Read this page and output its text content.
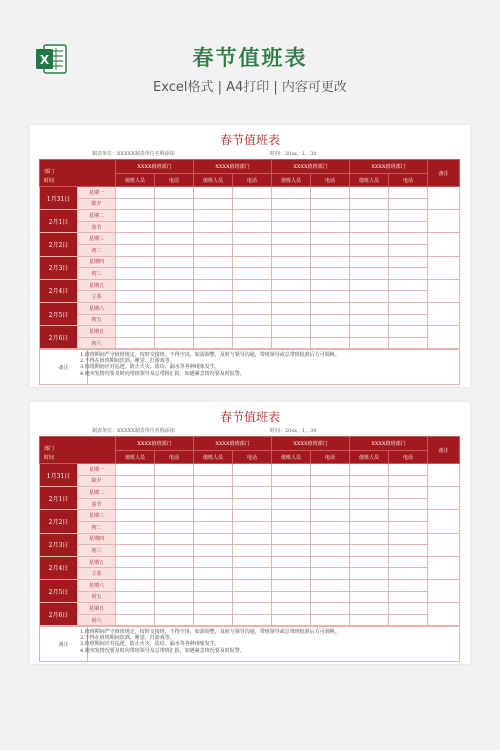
X	春节值班表
Excel格式 | A4打印 | 内容可更改
春节值班表
制表单位：XXXXX制表单位名称添加	时间：20xx，1，30
部门
时间		XXXX值班部门		XXXX值班部门		XXXX值班部门		XXXX值班部门		备注
		值班人员	电话	值班人员	电话	值班人员	电话	值班人员	电话	
1月31日	星期一									
	除夕									
2月1日	星期二									
	春节									
2月2日	星期三									
	初二									
2月3日	星期四									
	初三									
2月4日	星期五									
	立春									
2月5日	星期六									
	初五									
2月6日	星期日									
	初六									
备注
1.值班期间严守值班规定，按时交接班，不得空岗，如需调整，及时与领导沟通，带班领导或总带班批准后方可调换。
2.不得在值班期间饮酒、睡觉、打游戏等。
3.值班期间应对巡逻，防止火灾、盗窃、漏水等各种现象发生。
4.遇突发情况要及时向带班领导及总带班汇报，如遇紧急情况要及时报警。
春节值班表
制表单位：XXXXX制表单位名称添加	时间：20xx，1，30
部门
时间		XXXX值班部门		XXXX值班部门		XXXX值班部门		XXXX值班部门		备注
		值班人员	电话	值班人员	电话	值班人员	电话	值班人员	电话	
1月31日	星期一									
	除夕									
2月1日	星期二									
	春节									
2月2日	星期三									
	初二									
2月3日	星期四									
	初三									
2月4日	星期五									
	立春									
2月5日	星期六									
	初五									
2月6日	星期日									
	初六									
备注
1.值班期间严守值班规定，按时交接班，不得空岗，如需调整，及时与领导沟通，带班领导或总带班批准后方可调换。
2.不得在值班期间饮酒、睡觉、打游戏等。
3.值班期间应对巡逻，防止火灾、盗窃、漏水等各种现象发生。
4.遇突发情况要及时向带班领导及总带班汇报，如遇紧急情况要及时报警。
